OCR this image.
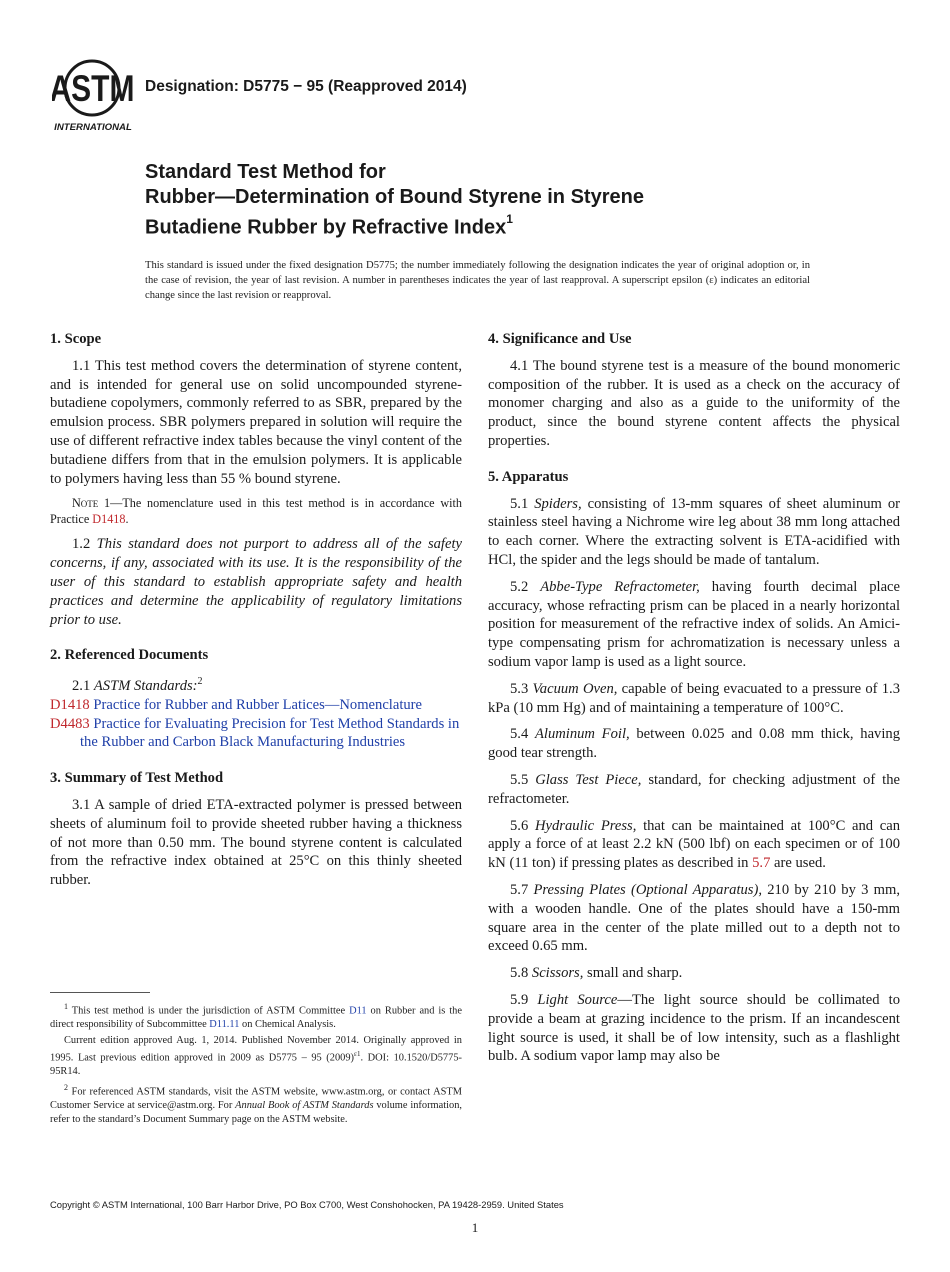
ASTM
INTERNATIONAL
Designation: D5775 − 95 (Reapproved 2014)
Standard Test Method for
Rubber—Determination of Bound Styrene in Styrene
Butadiene Rubber by Refractive Index$^1$
This standard is issued under the fixed designation D5775; the number immediately following the designation indicates the year of original adoption or, in the case of revision, the year of last revision. A number in parentheses indicates the year of last reapproval. A superscript epsilon (ε) indicates an editorial change since the last revision or reapproval.
1. Scope

1.1 This test method covers the determination of styrene content, and is intended for general use on solid uncompounded styrene-butadiene copolymers, commonly referred to as SBR, prepared by the emulsion process. SBR polymers prepared in solution will require the use of different refractive index tables because the vinyl content of the butadiene differs from that in the emulsion polymers. It is applicable to polymers having less than 55 % bound styrene.

Note 1—The nomenclature used in this test method is in accordance with Practice D1418.

1.2 This standard does not purport to address all of the safety concerns, if any, associated with its use. It is the responsibility of the user of this standard to establish appropriate safety and health practices and determine the applicability of regulatory limitations prior to use.

2. Referenced Documents

2.1 ASTM Standards:$^2$

D1418 Practice for Rubber and Rubber Latices—Nomenclature
D4483 Practice for Evaluating Precision for Test Method Standards in the Rubber and Carbon Black Manufacturing Industries
3. Summary of Test Method

3.1 A sample of dried ETA-extracted polymer is pressed between sheets of aluminum foil to provide sheeted rubber having a thickness of not more than 0.50 mm. The bound styrene content is calculated from the refractive index obtained at 25°C on this thinly sheeted rubber.

4. Significance and Use

4.1 The bound styrene test is a measure of the bound monomeric composition of the rubber. It is used as a check on the accuracy of monomer charging and also as a guide to the uniformity of the product, since the bound styrene content affects the physical properties.

5. Apparatus

5.1 Spiders, consisting of 13-mm squares of sheet aluminum or stainless steel having a Nichrome wire leg about 38 mm long attached to each corner. Where the extracting solvent is ETA-acidified with HCl, the spider and the legs should be made of tantalum.

5.2 Abbe-Type Refractometer, having fourth decimal place accuracy, whose refracting prism can be placed in a nearly horizontal position for measurement of the refractive index of solids. An Amici-type compensating prism for achromatization is necessary unless a sodium vapor lamp is used as a light source.

5.3 Vacuum Oven, capable of being evacuated to a pressure of 1.3 kPa (10 mm Hg) and of maintaining a temperature of 100°C.

5.4 Aluminum Foil, between 0.025 and 0.08 mm thick, having good tear strength.

5.5 Glass Test Piece, standard, for checking adjustment of the refractometer.

5.6 Hydraulic Press, that can be maintained at 100°C and can apply a force of at least 2.2 kN (500 lbf) on each specimen or of 100 kN (11 ton) if pressing plates as described in 5.7 are used.

5.7 Pressing Plates (Optional Apparatus), 210 by 210 by 3 mm, with a wooden handle. One of the plates should have a 150-mm square area in the center of the plate milled out to a depth not to exceed 0.65 mm.

5.8 Scissors, small and sharp.

5.9 Light Source—The light source should be collimated to provide a beam at grazing incidence to the prism. If an incandescent light source is used, it shall be of low intensity, such as a flashlight bulb. A sodium vapor lamp may also be

$^1$ This test method is under the jurisdiction of ASTM Committee D11 on Rubber and is the direct responsibility of Subcommittee D11.11 on Chemical Analysis.

Current edition approved Aug. 1, 2014. Published November 2014. Originally approved in 1995. Last previous edition approved in 2009 as D5775 – 95 $(2009)^{\varepsilon 1}$. DOI: 10.1520/D5775-95R14.

$^2$ For referenced ASTM standards, visit the ASTM website, www.astm.org, or contact ASTM Customer Service at service@astm.org. For Annual Book of ASTM Standards volume information, refer to the standard’s Document Summary page on the ASTM website.

Copyright © ASTM International, 100 Barr Harbor Drive, PO Box C700, West Conshohocken, PA 19428-2959. United States
1
